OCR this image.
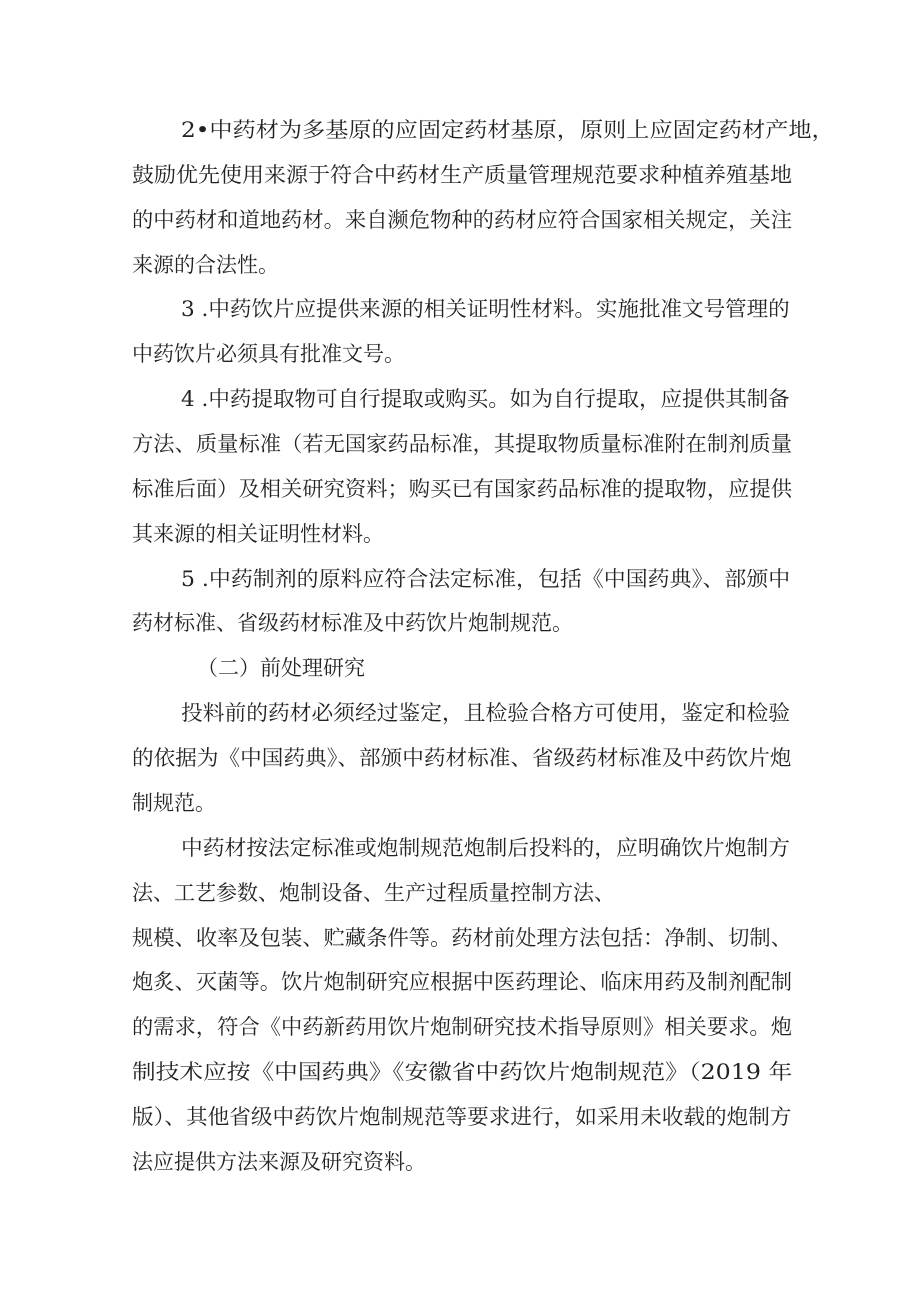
2•中药材为多基原的应固定药材基原，原则上应固定药材产地，
鼓励优先使用来源于符合中药材生产质量管理规范要求种植养殖基地
的中药材和道地药材。来自濒危物种的药材应符合国家相关规定，关注
来源的合法性。
3 .中药饮片应提供来源的相关证明性材料。实施批准文号管理的
中药饮片必须具有批准文号。
4 .中药提取物可自行提取或购买。如为自行提取，应提供其制备
方法、质量标准（若无国家药品标准，其提取物质量标准附在制剂质量
标准后面）及相关研究资料；购买已有国家药品标准的提取物，应提供
其来源的相关证明性材料。
5 .中药制剂的原料应符合法定标准，包括《中国药典》、部颁中
药材标准、省级药材标准及中药饮片炮制规范。
（二）前处理研究
投料前的药材必须经过鉴定，且检验合格方可使用，鉴定和检验
的依据为《中国药典》、部颁中药材标准、省级药材标准及中药饮片炮
制规范。
中药材按法定标准或炮制规范炮制后投料的，应明确饮片炮制方
法、工艺参数、炮制设备、生产过程质量控制方法、
规模、收率及包装、贮藏条件等。药材前处理方法包括：净制、切制、
炮炙、灭菌等。饮片炮制研究应根据中医药理论、临床用药及制剂配制
的需求，符合《中药新药用饮片炮制研究技术指导原则》相关要求。炮
制技术应按《中国药典》《安徽省中药饮片炮制规范》（2019 年
版）、其他省级中药饮片炮制规范等要求进行，如采用未收载的炮制方
法应提供方法来源及研究资料。
